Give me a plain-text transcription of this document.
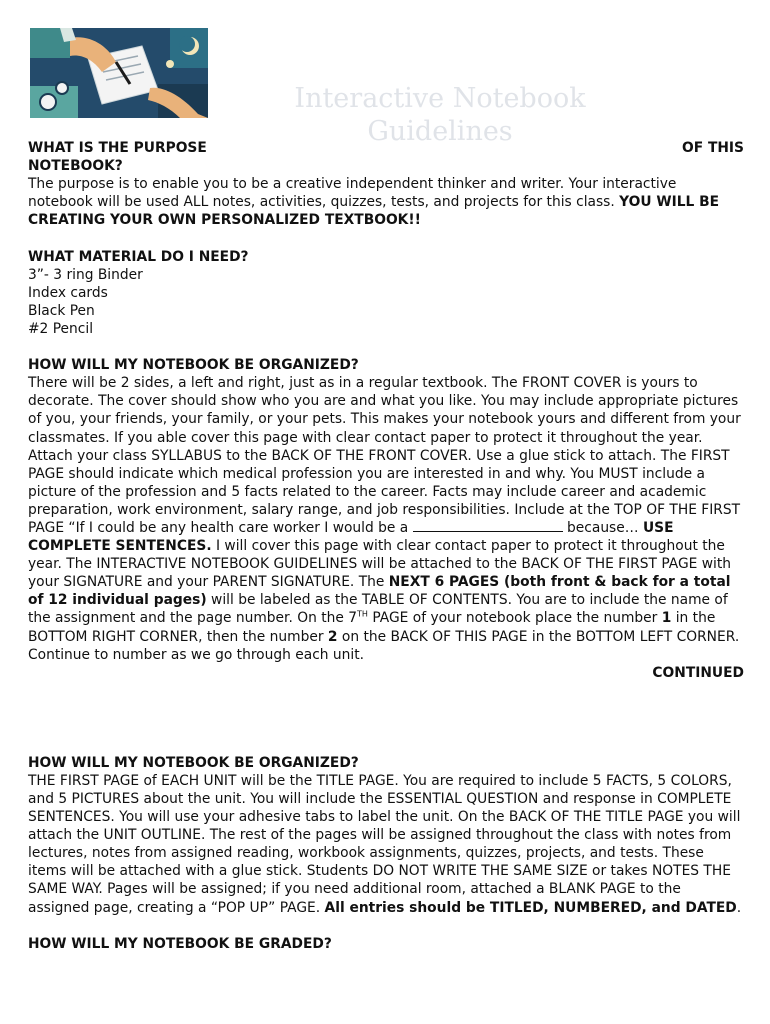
Interactive Notebook
Guidelines
WHAT IS THE PURPOSE	OF THIS

NOTEBOOK?

The purpose is to enable you to be a creative independent thinker and writer. Your interactive notebook will be used ALL notes, activities, quizzes, tests, and projects for this class. YOU WILL BE CREATING YOUR OWN PERSONALIZED TEXTBOOK!!

WHAT MATERIAL DO I NEED?

3”- 3 ring Binder

Index cards

Black Pen

#2 Pencil

HOW WILL MY NOTEBOOK BE ORGANIZED?

There will be 2 sides, a left and right, just as in a regular textbook. The FRONT COVER is yours to decorate. The cover should show who you are and what you like. You may include appropriate pictures of you, your friends, your family, or your pets. This makes your notebook yours and different from your classmates. If you able cover this page with clear contact paper to protect it throughout the year. Attach your class SYLLABUS to the BACK OF THE FRONT COVER. Use a glue stick to attach. The FIRST PAGE should indicate which medical profession you are interested in and why. You MUST include a picture of the profession and 5 facts related to the career. Facts may include career and academic preparation, work environment, salary range, and job responsibilities. Include at the TOP OF THE FIRST PAGE “If I could be any health care worker I would be a	because… USE COMPLETE SENTENCES. I will cover this page with clear contact paper to protect it throughout the year. The INTERACTIVE NOTEBOOK GUIDELINES will be attached to the BACK OF THE FIRST PAGE with your SIGNATURE and your PARENT SIGNATURE. The NEXT 6 PAGES (both front & back for a total of 12 individual pages) will be labeled as the TABLE OF CONTENTS. You are to include the name of the assignment and the page number. On the 7TH PAGE of your notebook place the number 1 in the BOTTOM RIGHT CORNER, then the number 2 on the BACK OF THIS PAGE in the BOTTOM LEFT CORNER. Continue to number as we go through each unit.

CONTINUED

HOW WILL MY NOTEBOOK BE ORGANIZED?

THE FIRST PAGE of EACH UNIT will be the TITLE PAGE. You are required to include 5 FACTS, 5 COLORS, and 5 PICTURES about the unit. You will include the ESSENTIAL QUESTION and response in COMPLETE SENTENCES. You will use your adhesive tabs to label the unit. On the BACK OF THE TITLE PAGE you will attach the UNIT OUTLINE. The rest of the pages will be assigned throughout the class with notes from lectures, notes from assigned reading, workbook assignments, quizzes, projects, and tests. These items will be attached with a glue stick. Students DO NOT WRITE THE SAME SIZE or takes NOTES THE SAME WAY. Pages will be assigned; if you need additional room, attached a BLANK PAGE to the assigned page, creating a “POP UP” PAGE. All entries should be TITLED, NUMBERED, and DATED.

HOW WILL MY NOTEBOOK BE GRADED?
